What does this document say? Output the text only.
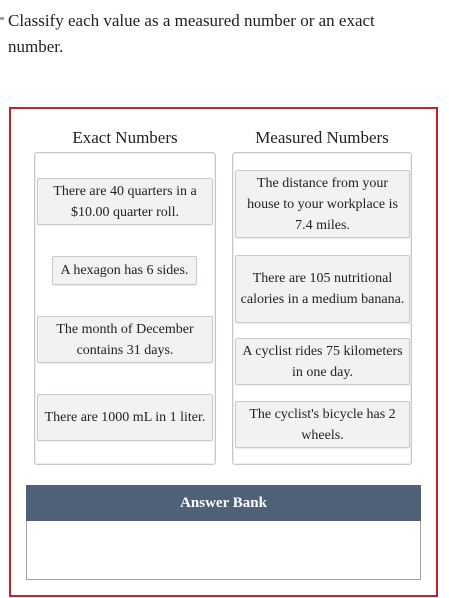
Classify each value as a measured number or an exact number.
Exact Numbers
There are 40 quarters in a $10.00 quarter roll.
A hexagon has 6 sides.
The month of December contains 31 days.
There are 1000 mL in 1 liter.
Measured Numbers
The distance from your house to your workplace is 7.4 miles.
There are 105 nutritional calories in a medium banana.
A cyclist rides 75 kilometers in one day.
The cyclist's bicycle has 2 wheels.
Answer Bank
